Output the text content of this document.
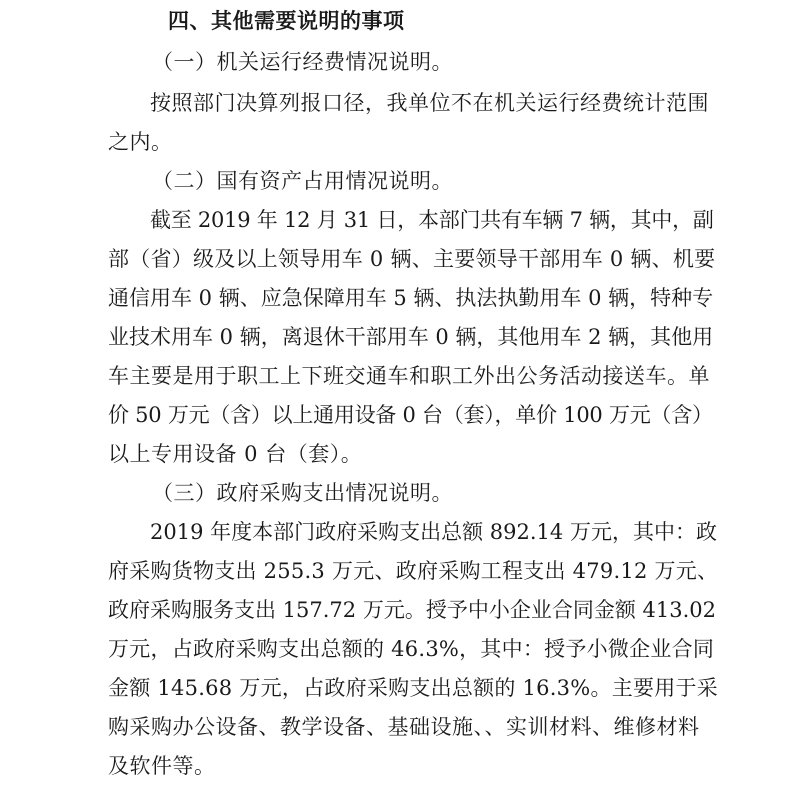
四、其他需要说明的事项
（一）机关运行经费情况说明。
按照部门决算列报口径，我单位不在机关运行经费统计范围
之内。
（二）国有资产占用情况说明。
截至 2019 年 12 月 31 日，本部门共有车辆 7 辆，其中，副
部（省）级及以上领导用车 0 辆、主要领导干部用车 0 辆、机要
通信用车 0 辆、应急保障用车 5 辆、执法执勤用车 0 辆，特种专
业技术用车 0 辆，离退休干部用车 0 辆，其他用车 2 辆，其他用
车主要是用于职工上下班交通车和职工外出公务活动接送车。单
价 50 万元（含）以上通用设备 0 台（套），单价 100 万元（含）
以上专用设备 0 台（套）。
（三）政府采购支出情况说明。
2019 年度本部门政府采购支出总额 892.14 万元，其中：政
府采购货物支出 255.3 万元、政府采购工程支出 479.12 万元、
政府采购服务支出 157.72 万元。授予中小企业合同金额 413.02
万元，占政府采购支出总额的 46.3%，其中：授予小微企业合同
金额 145.68 万元，占政府采购支出总额的 16.3%。主要用于采
购采购办公设备、教学设备、基础设施、、实训材料、维修材料
及软件等。
